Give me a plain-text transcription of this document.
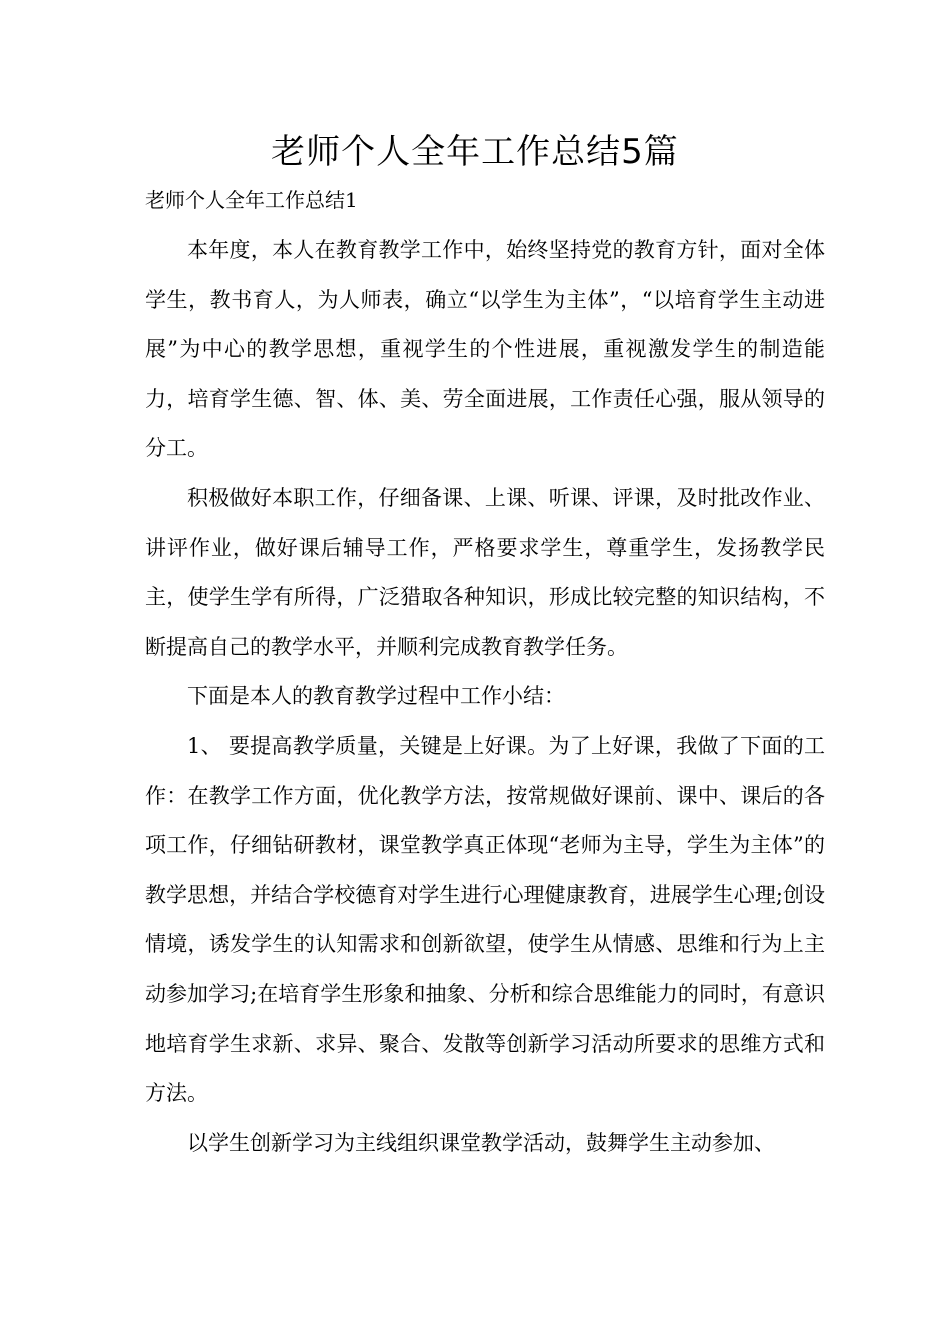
老师个人全年工作总结5篇

老师个人全年工作总结1

本年度，本人在教育教学工作中，始终坚持党的教育方针，面对全体学生，教书育人，为人师表，确立“以学生为主体”，“以培育学生主动进展”为中心的教学思想，重视学生的个性进展，重视激发学生的制造能力，培育学生德、智、体、美、劳全面进展，工作责任心强，服从领导的分工。

积极做好本职工作，仔细备课、上课、听课、评课，及时批改作业、讲评作业，做好课后辅导工作，严格要求学生，尊重学生，发扬教学民主，使学生学有所得，广泛猎取各种知识，形成比较完整的知识结构，不断提高自己的教学水平，并顺利完成教育教学任务。

下面是本人的教育教学过程中工作小结：

1、 要提高教学质量，关键是上好课。为了上好课，我做了下面的工作：在教学工作方面，优化教学方法，按常规做好课前、课中、课后的各项工作，仔细钻研教材，课堂教学真正体现“老师为主导，学生为主体”的教学思想，并结合学校德育对学生进行心理健康教育，进展学生心理;创设情境，诱发学生的认知需求和创新欲望，使学生从情感、思维和行为上主动参加学习;在培育学生形象和抽象、分析和综合思维能力的同时，有意识地培育学生求新、求异、聚合、发散等创新学习活动所要求的思维方式和方法。

以学生创新学习为主线组织课堂教学活动，鼓舞学生主动参加、
